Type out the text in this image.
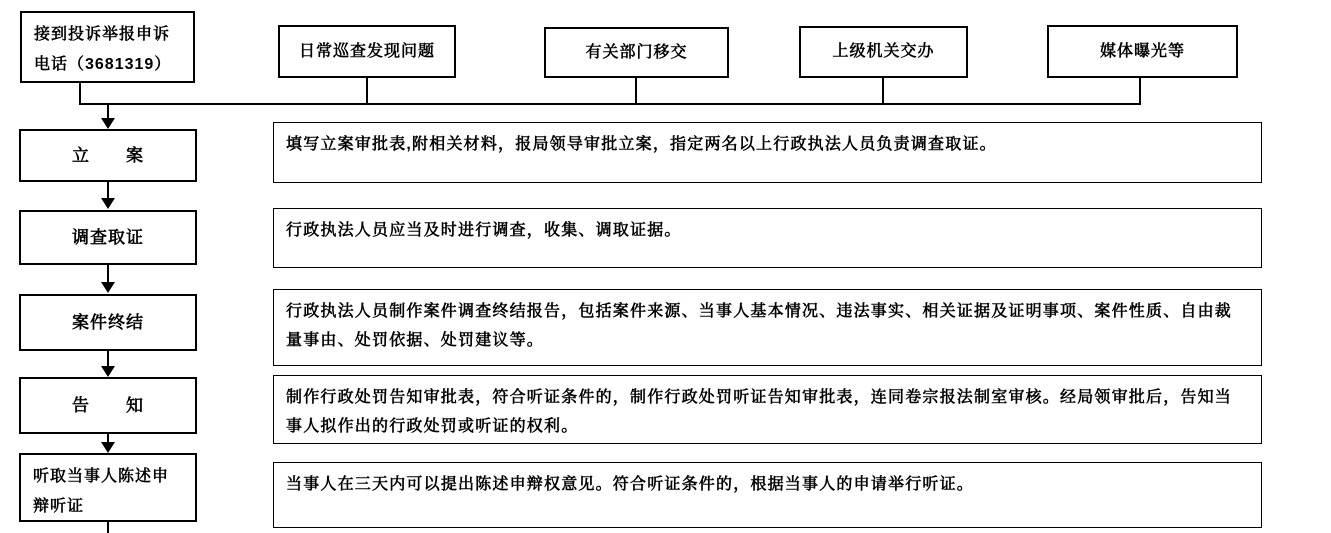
接到投诉举报申诉
电话（3681319）
日常巡查发现问题	有关部门移交	上级机关交办	媒体曝光等
立　　案
调查取证
案件终结
告　　知
听取当事人陈述申
辩听证
填写立案审批表,附相关材料，报局领导审批立案，指定两名以上行政执法人员负责调查取证。
行政执法人员应当及时进行调查，收集、调取证据。
行政执法人员制作案件调查终结报告，包括案件来源、当事人基本情况、违法事实、相关证据及证明事项、案件性质、自由裁量事由、处罚依据、处罚建议等。
制作行政处罚告知审批表，符合听证条件的，制作行政处罚听证告知审批表，连同卷宗报法制室审核。经局领审批后，告知当事人拟作出的行政处罚或听证的权利。
当事人在三天内可以提出陈述申辩权意见。符合听证条件的，根据当事人的申请举行听证。
